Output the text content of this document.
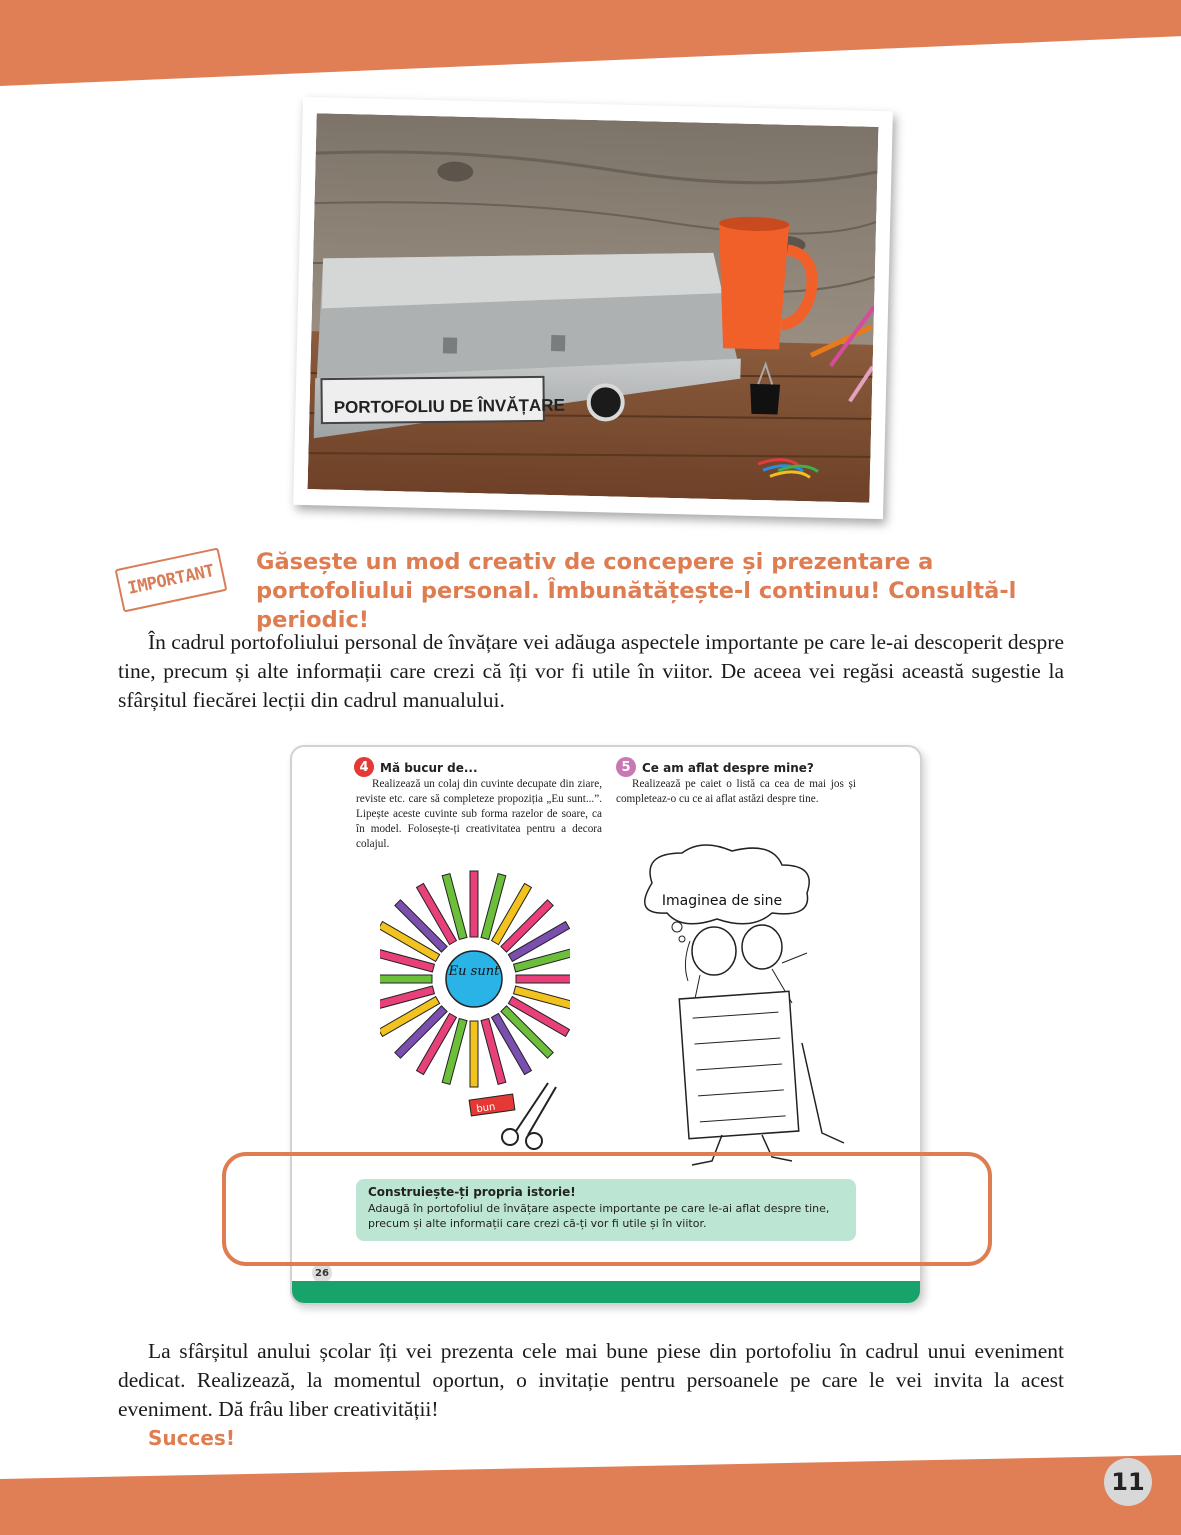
PORTOFOLIU DE ÎNVĂȚARE
IMPORTANT	Găsește un mod creativ de concepere și prezentare a portofoliului personal. Îmbunătățește-l continuu! Consultă-l periodic!
În cadrul portofoliului personal de învățare vei adăuga aspectele importante pe care le-ai descoperit despre tine, precum și alte informații care crezi că îți vor fi utile în viitor. De aceea vei regăsi această sugestie la sfârșitul fiecărei lecții din cadrul manualului.
4 Mă bucur de...
Realizează un colaj din cuvinte decupate din ziare, reviste etc. care să completeze propoziția „Eu sunt...”. Lipește aceste cuvinte sub forma razelor de soare, ca în model. Folosește-ți creativitatea pentru a decora colajul.
5 Ce am aflat despre mine?
Realizează pe caiet o listă ca cea de mai jos și completeaz-o cu ce ai aflat astăzi despre tine.
Eu sunt
bun
Imaginea de sine
Construiește-ți propria istorie!
Adaugă în portofoliul de învățare aspecte importante pe care le-ai aflat despre tine, precum și alte informații care crezi că-ți vor fi utile și în viitor.
26
La sfârșitul anului școlar îți vei prezenta cele mai bune piese din portofoliu în cadrul unui eveniment dedicat. Realizează, la momentul oportun, o invitație pentru persoanele pe care le vei invita la acest eveniment. Dă frâu liber creativității!
Succes!
11
